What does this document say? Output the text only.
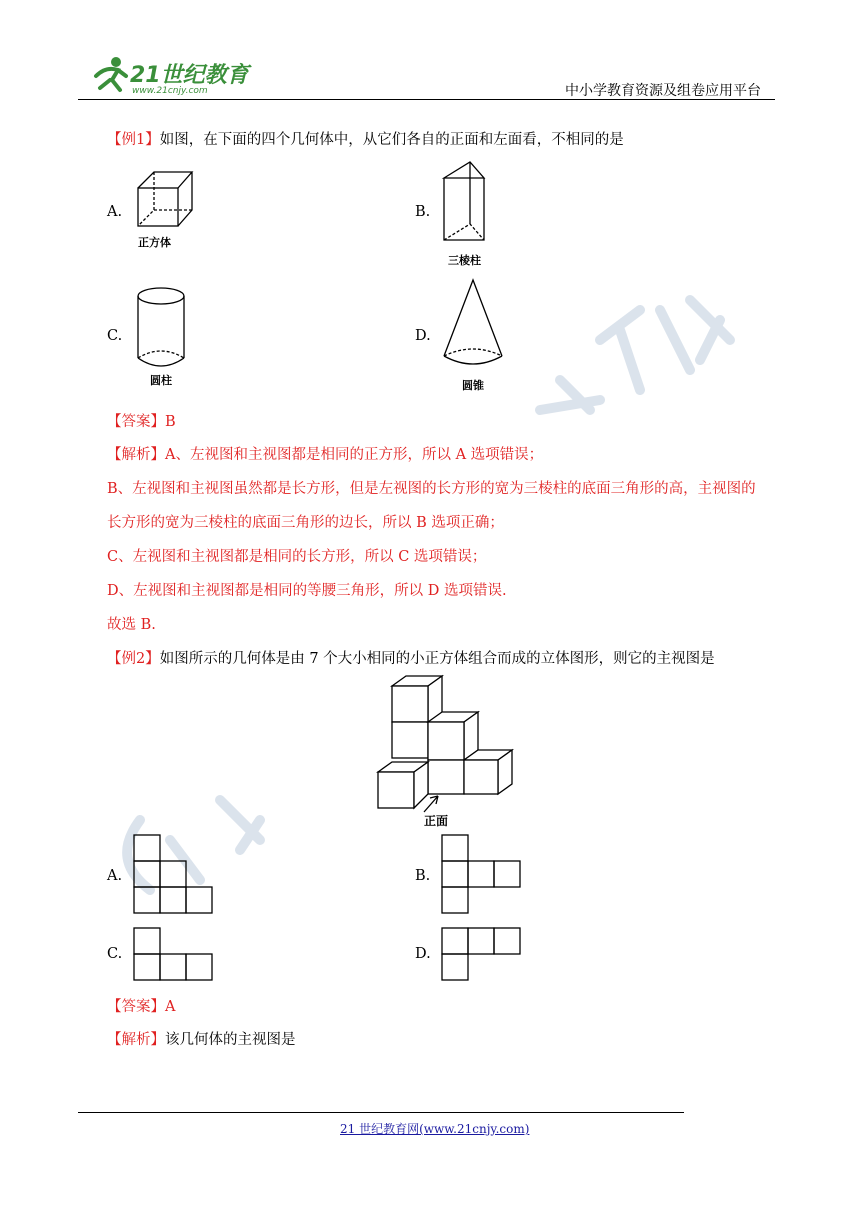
21世纪教育
www.21cnjy.com	中小学教育资源及组卷应用平台
【例1】如图，在下面的四个几何体中，从它们各自的正面和左面看，不相同的是
A.
正方体
B.
三棱柱
C.
圆柱
D.
圆锥
【答案】B
【解析】A、左视图和主视图都是相同的正方形，所以 A 选项错误；
B、左视图和主视图虽然都是长方形，但是左视图的长方形的宽为三棱柱的底面三角形的高，主视图的
长方形的宽为三棱柱的底面三角形的边长，所以 B 选项正确；
C、左视图和主视图都是相同的长方形，所以 C 选项错误；
D、左视图和主视图都是相同的等腰三角形，所以 D 选项错误.
故选 B.
【例2】如图所示的几何体是由 7 个大小相同的小正方体组合而成的立体图形，则它的主视图是
正面
A.	B.
C.	D.
【答案】A
【解析】该几何体的主视图是
21 世纪教育网(www.21cnjy.com)
